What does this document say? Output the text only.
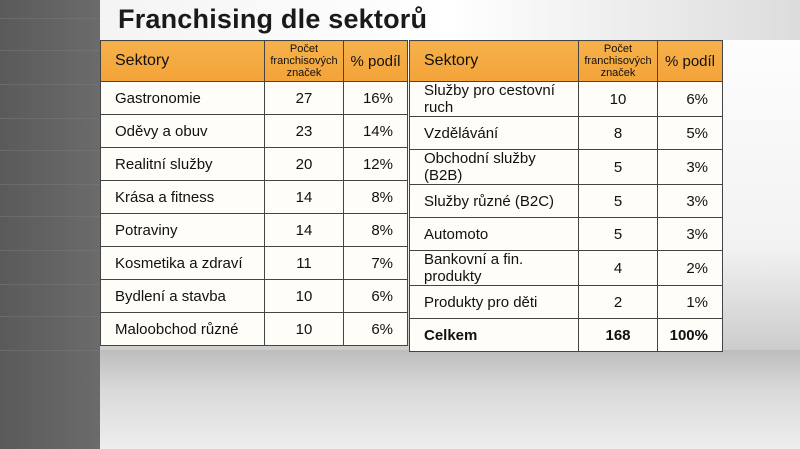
Franchising dle sektorů
Sektory	Počet franchisových značek	% podíl
Gastronomie	27	16%
Oděvy a obuv	23	14%
Realitní služby	20	12%
Krása a fitness	14	8%
Potraviny	14	8%
Kosmetika a zdraví	11	7%
Bydlení a stavba	10	6%
Maloobchod různé	10	6%
Sektory	Počet franchisových značek	% podíl
Služby pro cestovní ruch	10	6%
Vzdělávání	8	5%
Obchodní služby (B2B)	5	3%
Služby různé (B2C)	5	3%
Automoto	5	3%
Bankovní a fin. produkty	4	2%
Produkty pro děti	2	1%
Celkem	168	100%
